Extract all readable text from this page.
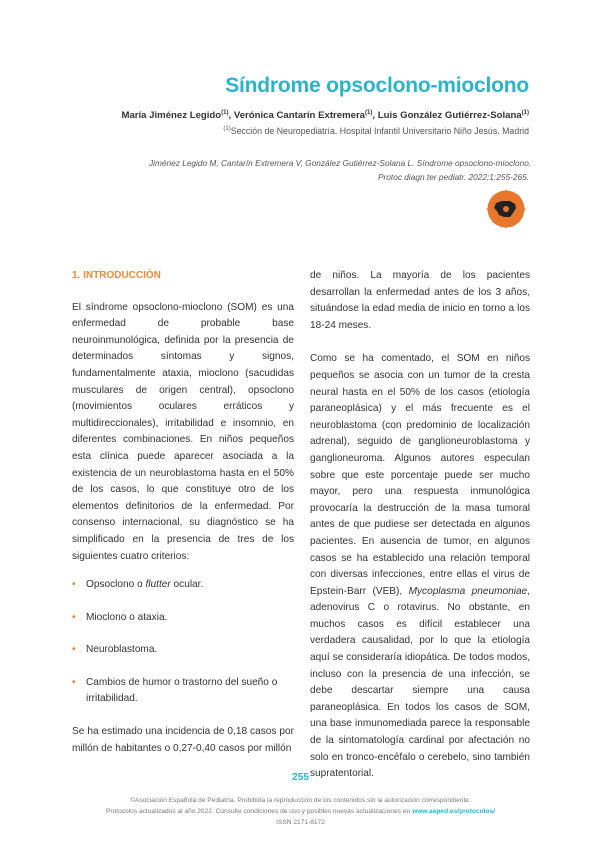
Síndrome opsoclono-mioclono
María Jiménez Legido$^{(1)}$, Verónica Cantarín Extremera$^{(1)}$, Luis González Gutiérrez-Solana$^{(1)}$
$^{(1)}$Sección de Neuropediatría. Hospital Infantil Universitario Niño Jesús. Madrid
Jiménez Legido M, Cantarín Extremera V, González Gutiérrez-Solana L. Síndrome opsoclono-mioclono.
Protoc diagn ter pediatr. 2022;1:255-265.
1. INTRODUCCIÓN

El síndrome opsoclono-mioclono (SOM) es una enfermedad de probable base neuroinmunológica, definida por la presencia de determinados síntomas y signos, fundamentalmente ataxia, mioclono (sacudidas musculares de origen central), opsoclono (movimientos oculares erráticos y multidireccionales), irritabilidad e insomnio, en diferentes combinaciones. En niños pequeños esta clínica puede aparecer asociada a la existencia de un neuroblastoma hasta en el 50% de los casos, lo que constituye otro de los elementos definitorios de la enfermedad. Por consenso internacional, su diagnóstico se ha simplificado en la presencia de tres de los siguientes cuatro criterios:

• Opsoclono o flutter ocular.
• Mioclono o ataxia.
• Neuroblastoma.
• Cambios de humor o trastorno del sueño o irritabilidad.

Se ha estimado una incidencia de 0,18 casos por millón de habitantes o 0,27-0,40 casos por millón

de niños. La mayoría de los pacientes desarrollan la enfermedad antes de los 3 años, situándose la edad media de inicio en torno a los 18-24 meses.

Como se ha comentado, el SOM en niños pequeños se asocia con un tumor de la cresta neural hasta en el 50% de los casos (etiología paraneoplásica) y el más frecuente es el neuroblastoma (con predominio de localización adrenal), seguido de ganglioneuroblastoma y ganglioneuroma. Algunos autores especulan sobre que este porcentaje puede ser mucho mayor, pero una respuesta inmunológica provocaría la destrucción de la masa tumoral antes de que pudiese ser detectada en algunos pacientes. En ausencia de tumor, en algunos casos se ha establecido una relación temporal con diversas infecciones, entre ellas el virus de Epstein-Barr (VEB), Mycoplasma pneumoniae, adenovirus C o rotavirus. No obstante, en muchos casos es difícil establecer una verdadera causalidad, por lo que la etiología aquí se consideraría idiopática. De todos modos, incluso con la presencia de una infección, se debe descartar siempre una causa paraneoplásica. En todos los casos de SOM, una base inmunomediada parece la responsable de la sintomatología cardinal por afectación no solo en tronco-encéfalo o cerebelo, sino también supratentorial.

255
©Asociación Española de Pediatría. Prohibida la reproducción de los contenidos sin la autorización correspondiente.
Protocolos actualizados al año 2022. Consulte condiciones de uso y posibles nuevas actualizaciones en www.aeped.es/protocolos/
ISSN 2171-8172
